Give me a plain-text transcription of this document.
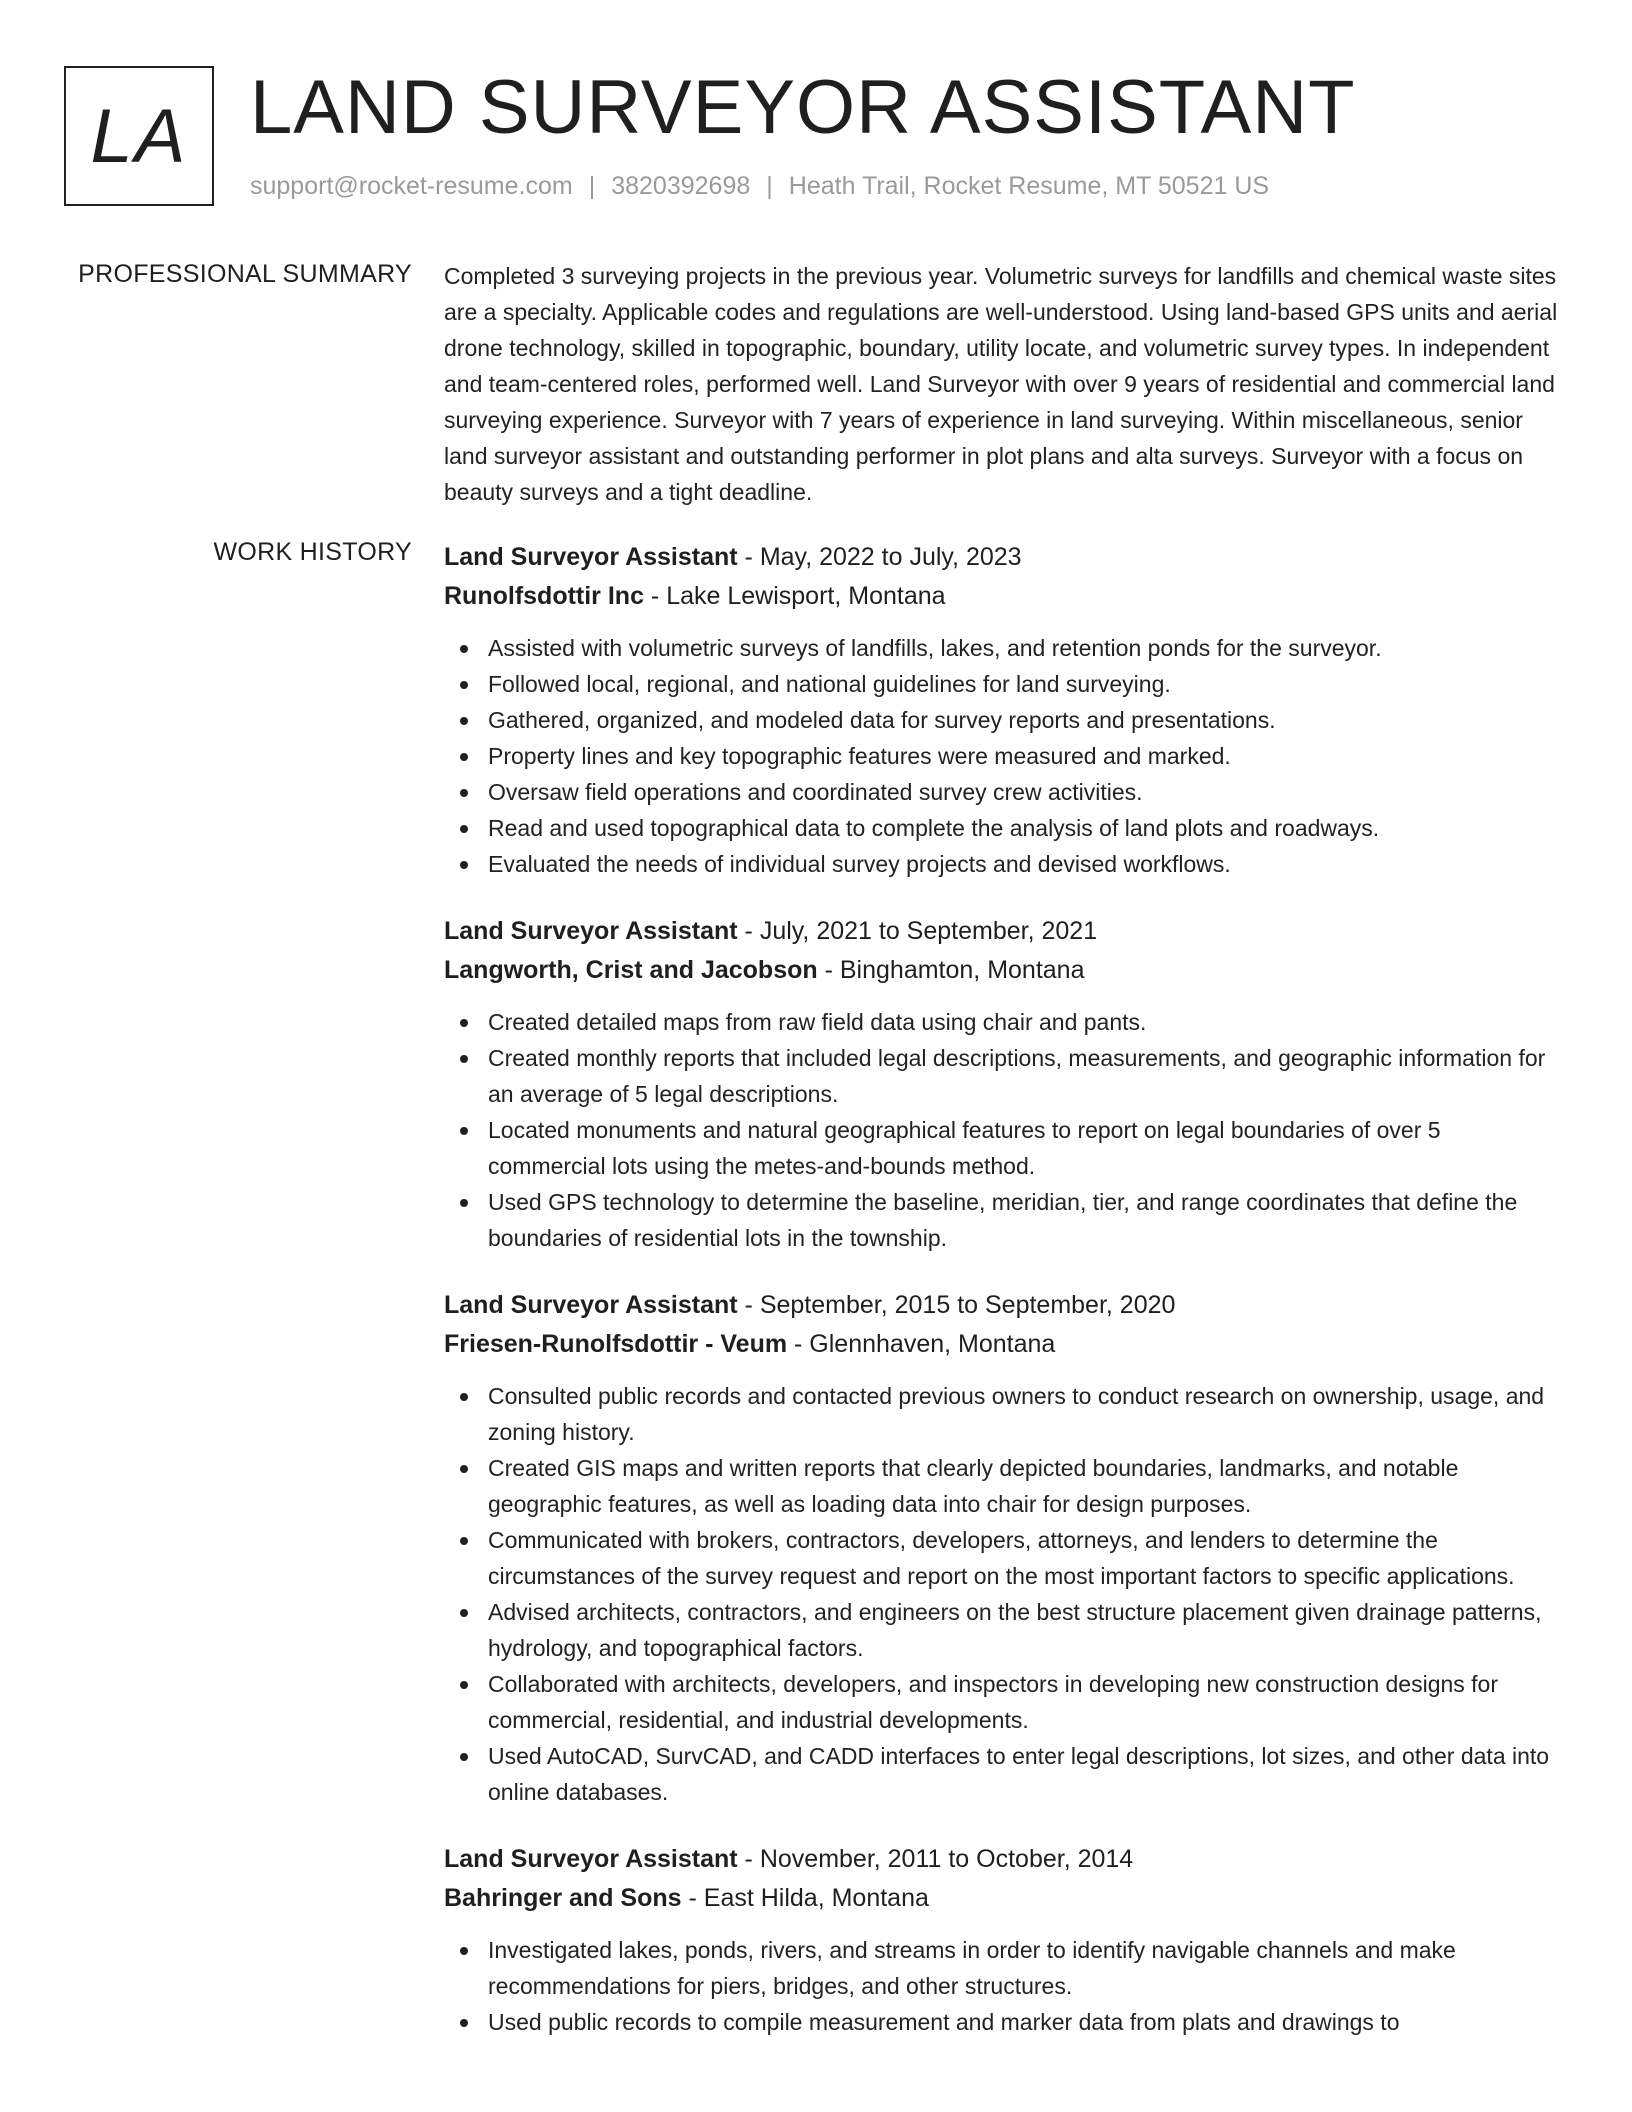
LA LAND SURVEYOR ASSISTANT
support@rocket-resume.com | 3820392698 | Heath Trail, Rocket Resume, MT 50521 US
PROFESSIONAL SUMMARY Completed 3 surveying projects in the previous year. Volumetric surveys for landfills and chemical waste sites are a specialty. Applicable codes and regulations are well-understood. Using land-based GPS units and aerial drone technology, skilled in topographic, boundary, utility locate, and volumetric survey types. In independent and team-centered roles, performed well. Land Surveyor with over 9 years of residential and commercial land surveying experience. Surveyor with 7 years of experience in land surveying. Within miscellaneous, senior land surveyor assistant and outstanding performer in plot plans and alta surveys. Surveyor with a focus on beauty surveys and a tight deadline.
WORK HISTORY Land Surveyor Assistant - May, 2022 to July, 2023
Runolfsdottir Inc - Lake Lewisport, Montana
Assisted with volumetric surveys of landfills, lakes, and retention ponds for the surveyor.
Followed local, regional, and national guidelines for land surveying.
Gathered, organized, and modeled data for survey reports and presentations.
Property lines and key topographic features were measured and marked.
Oversaw field operations and coordinated survey crew activities.
Read and used topographical data to complete the analysis of land plots and roadways.
Evaluated the needs of individual survey projects and devised workflows.
Land Surveyor Assistant - July, 2021 to September, 2021
Langworth, Crist and Jacobson - Binghamton, Montana
Created detailed maps from raw field data using chair and pants.
Created monthly reports that included legal descriptions, measurements, and geographic information for an average of 5 legal descriptions.
Located monuments and natural geographical features to report on legal boundaries of over 5 commercial lots using the metes-and-bounds method.
Used GPS technology to determine the baseline, meridian, tier, and range coordinates that define the boundaries of residential lots in the township.
Land Surveyor Assistant - September, 2015 to September, 2020
Friesen-Runolfsdottir - Veum - Glennhaven, Montana
Consulted public records and contacted previous owners to conduct research on ownership, usage, and zoning history.
Created GIS maps and written reports that clearly depicted boundaries, landmarks, and notable geographic features, as well as loading data into chair for design purposes.
Communicated with brokers, contractors, developers, attorneys, and lenders to determine the circumstances of the survey request and report on the most important factors to specific applications.
Advised architects, contractors, and engineers on the best structure placement given drainage patterns, hydrology, and topographical factors.
Collaborated with architects, developers, and inspectors in developing new construction designs for commercial, residential, and industrial developments.
Used AutoCAD, SurvCAD, and CADD interfaces to enter legal descriptions, lot sizes, and other data into online databases.
Land Surveyor Assistant - November, 2011 to October, 2014
Bahringer and Sons - East Hilda, Montana
Investigated lakes, ponds, rivers, and streams in order to identify navigable channels and make recommendations for piers, bridges, and other structures.
Used public records to compile measurement and marker data from plats and drawings to
